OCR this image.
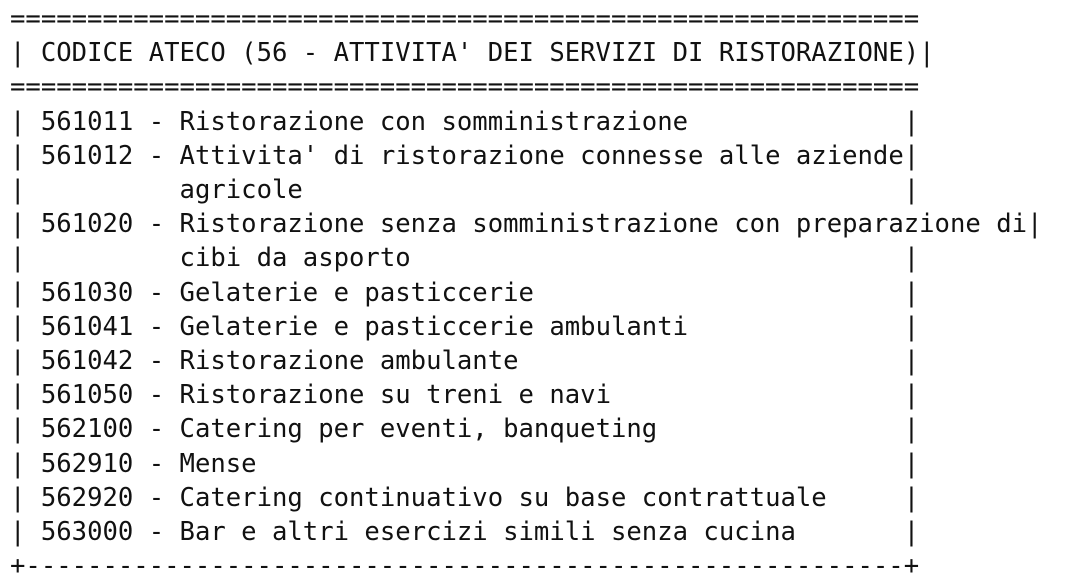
===========================================================
| CODICE ATECO (56 - ATTIVITA' DEI SERVIZI DI RISTORAZIONE)|
===========================================================
| 561011 - Ristorazione con somministrazione	|
| 561012 - Attivita' di ristorazione connesse alle aziende|
|	agricole	|
| 561020 - Ristorazione senza somministrazione con preparazione di|
|	cibi da asporto	|
| 561030 - Gelaterie e pasticcerie	|
| 561041 - Gelaterie e pasticcerie ambulanti	|
| 561042 - Ristorazione ambulante	|
| 561050 - Ristorazione su treni e navi	|
| 562100 - Catering per eventi, banqueting	|
| 562910 - Mense	|
| 562920 - Catering continuativo su base contrattuale	|
| 563000 - Bar e altri esercizi simili senza cucina	|
+---------------------------------------------------------+
